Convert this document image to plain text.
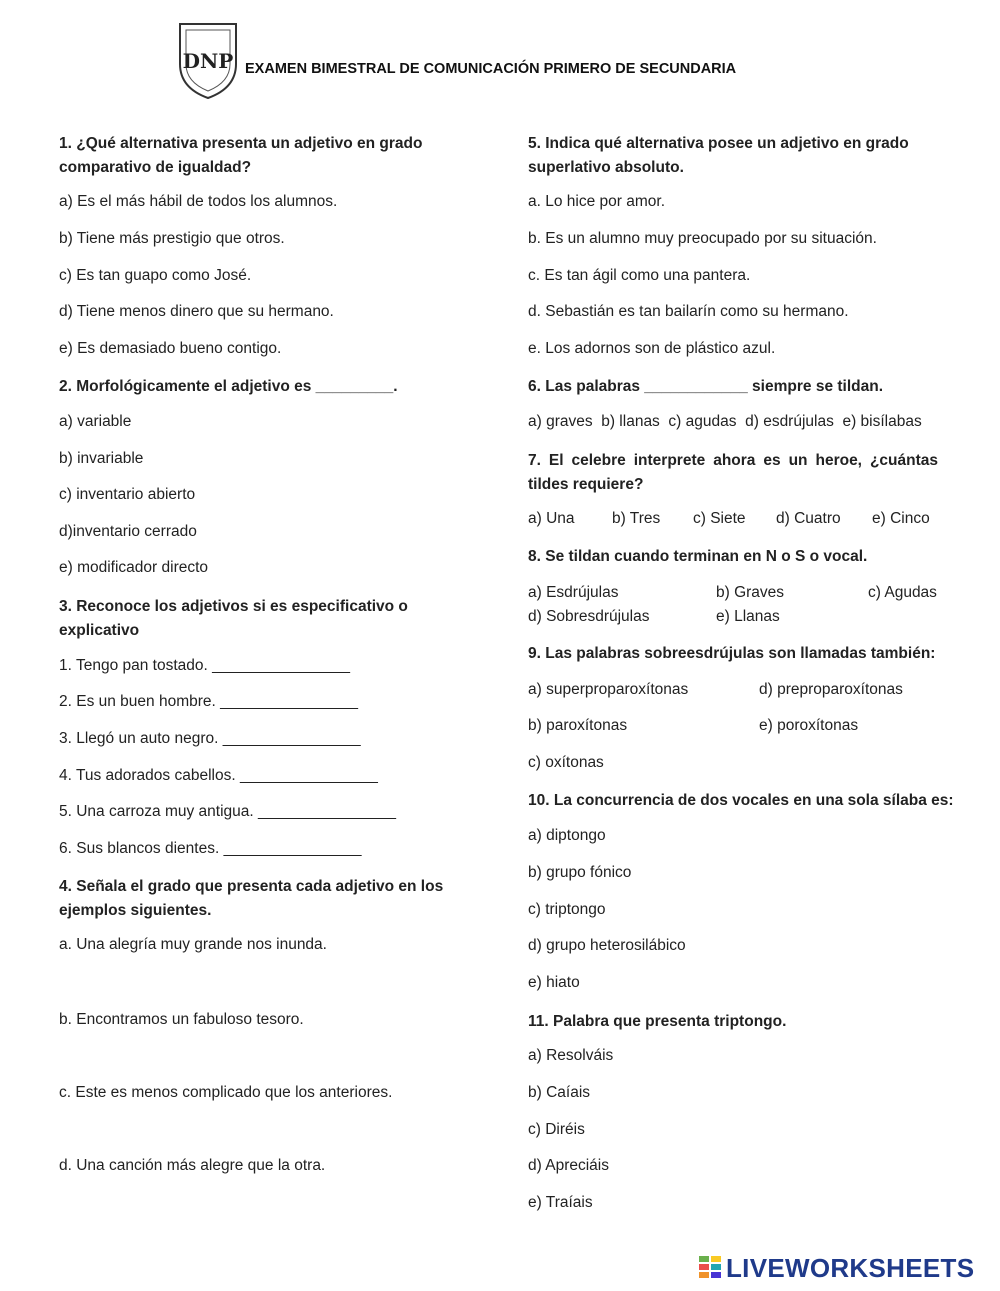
DNP EXAMEN BIMESTRAL DE COMUNICACIÓN PRIMERO DE SECUNDARIA
1. ¿Qué alternativa presenta un adjetivo en grado
comparativo de igualdad?
a) Es el más hábil de todos los alumnos.
b) Tiene más prestigio que otros.
c) Es tan guapo como José.
d) Tiene menos dinero que su hermano.
e) Es demasiado bueno contigo.
2. Morfológicamente el adjetivo es _________.
a) variable
b) invariable
c) inventario abierto
d)inventario cerrado
e) modificador directo
3. Reconoce los adjetivos si es especificativo o
explicativo
1. Tengo pan tostado. ________________
2. Es un buen hombre. ________________
3. Llegó un auto negro. ________________
4. Tus adorados cabellos. ________________
5. Una carroza muy antigua. ________________
6. Sus blancos dientes. ________________
4. Señala el grado que presenta cada adjetivo en los
ejemplos siguientes.
a. Una alegría muy grande nos inunda.
b. Encontramos un fabuloso tesoro.
c. Este es menos complicado que los anteriores.
d. Una canción más alegre que la otra.
5. Indica qué alternativa posee un adjetivo en grado
superlativo absoluto.
a. Lo hice por amor.
b. Es un alumno muy preocupado por su situación.
c. Es tan ágil como una pantera.
d. Sebastián es tan bailarín como su hermano.
e. Los adornos son de plástico azul.
6. Las palabras ____________ siempre se tildan.
a) graves  b) llanas  c) agudas  d) esdrújulas  e) bisílabas
7. El celebre interprete ahora es un heroe, ¿cuántas
tildes requiere?
a) Una b) Tres c) Siete d) Cuatro e) Cinco
8. Se tildan cuando terminan en N o S o vocal.
a) Esdrújulas	b) Graves	c) Agudas
d) Sobresdrújulas	e) Llanas
9. Las palabras sobreesdrújulas son llamadas también:
a) superproparoxítonas	d) preproparoxítonas
b) paroxítonas	e) poroxítonas
c) oxítonas
10. La concurrencia de dos vocales en una sola sílaba es:
a) diptongo
b) grupo fónico
c) triptongo
d) grupo heterosilábico
e) hiato
11. Palabra que presenta triptongo.
a) Resolváis
b) Caíais
c) Diréis
d) Apreciáis
e) Traíais
LIVEWORKSHEETS
